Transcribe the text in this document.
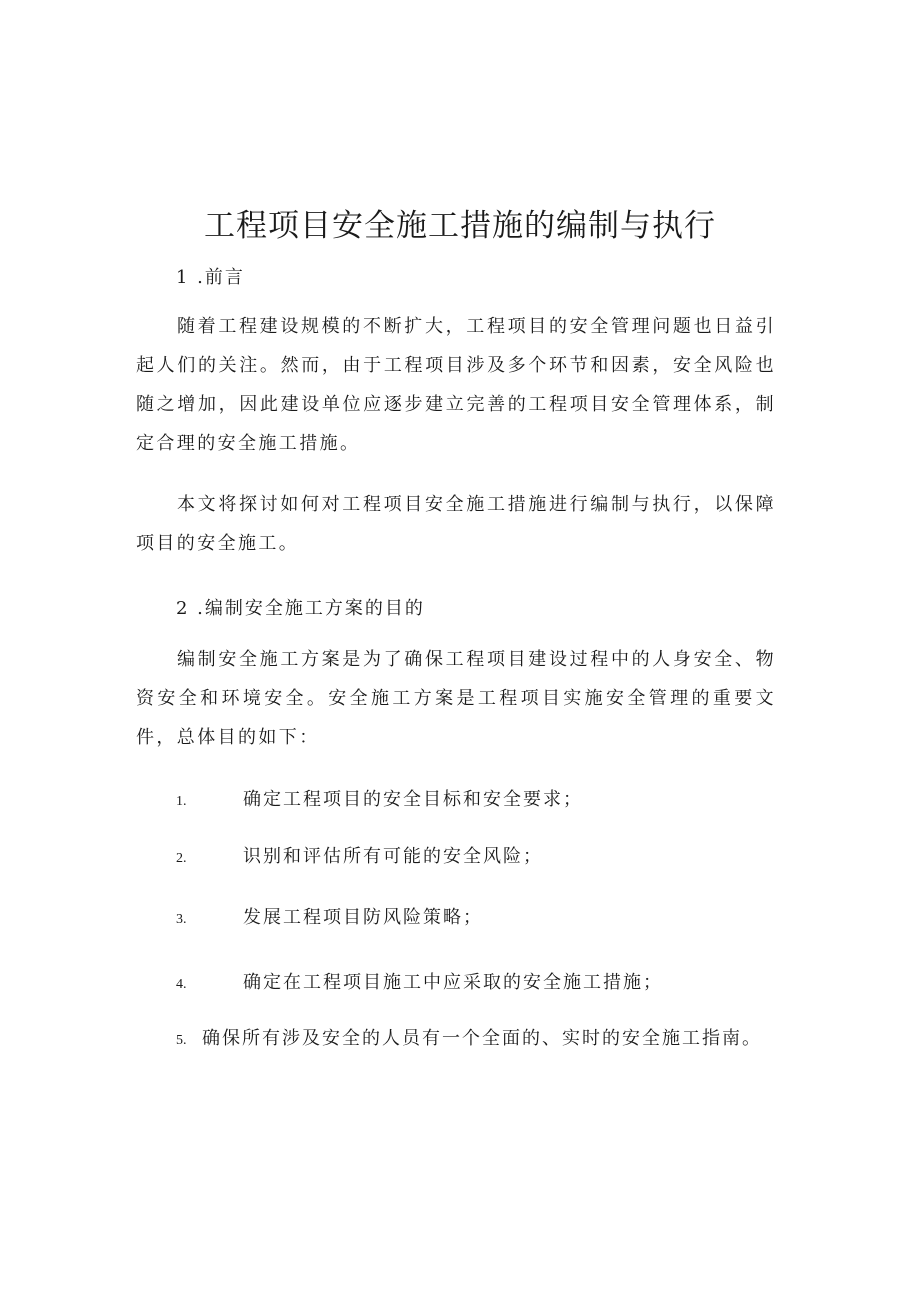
工程项目安全施工措施的编制与执行

1 .前言

随着工程建设规模的不断扩大，工程项目的安全管理问题也日益引起人们的关注。然而，由于工程项目涉及多个环节和因素，安全风险也随之增加，因此建设单位应逐步建立完善的工程项目安全管理体系，制定合理的安全施工措施。

本文将探讨如何对工程项目安全施工措施进行编制与执行，以保障项目的安全施工。

2 .编制安全施工方案的目的

编制安全施工方案是为了确保工程项目建设过程中的人身安全、物资安全和环境安全。安全施工方案是工程项目实施安全管理的重要文件，总体目的如下：

1.	确定工程项目的安全目标和安全要求；
2.	识别和评估所有可能的安全风险；
3.	发展工程项目防风险策略；
4.	确定在工程项目施工中应采取的安全施工措施；
5. 确保所有涉及安全的人员有一个全面的、实时的安全施工指南。
